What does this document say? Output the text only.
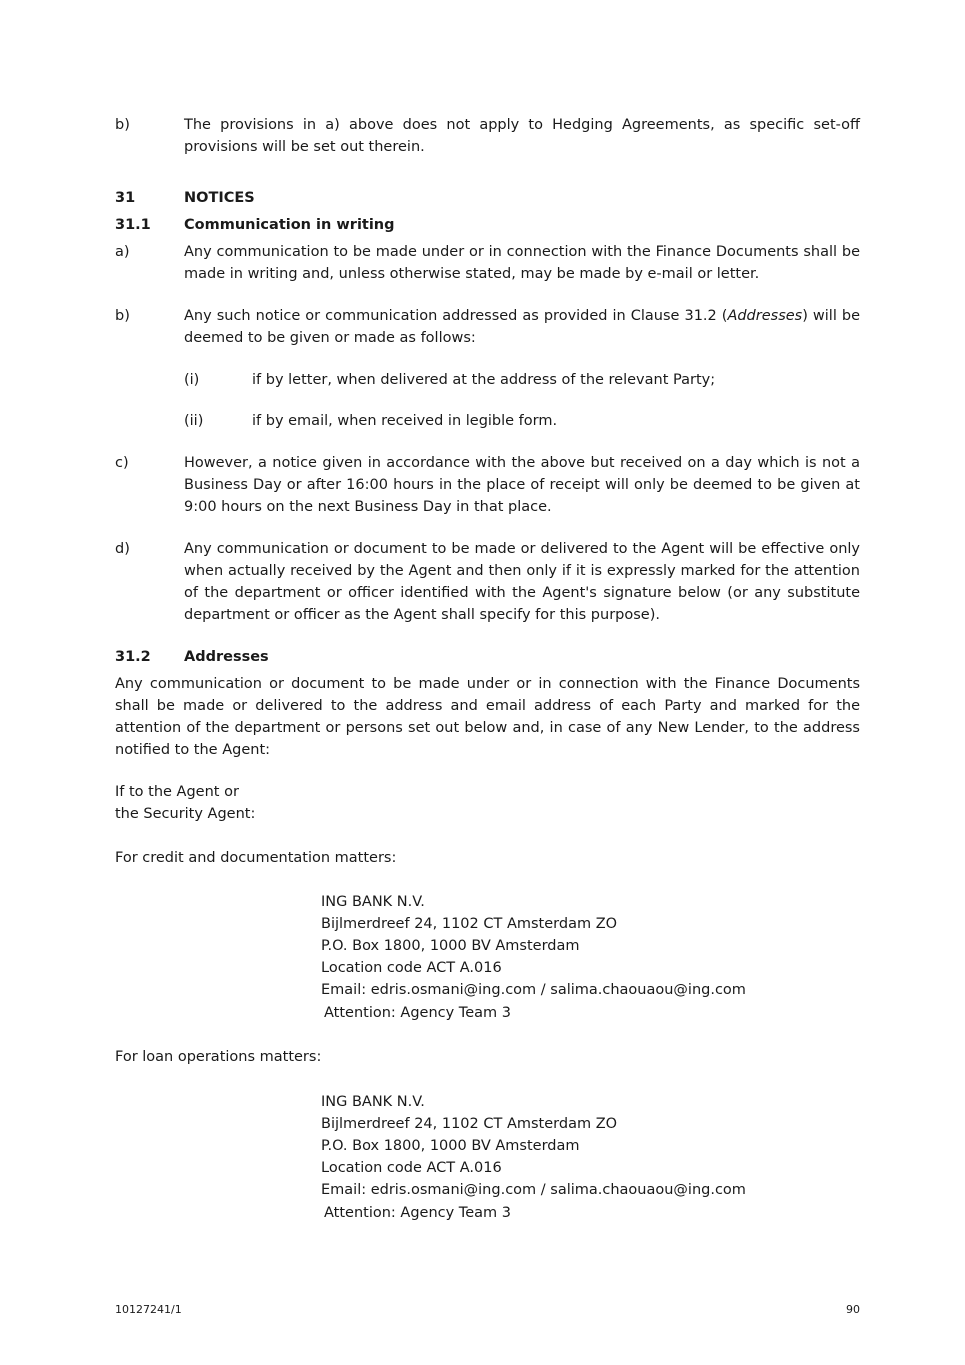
b)	The provisions in a) above does not apply to Hedging Agreements, as specific set-off provisions will be set out therein.
31	NOTICES
31.1 Communication in writing
a)	Any communication to be made under or in connection with the Finance Documents shall be made in writing and, unless otherwise stated, may be made by e-mail or letter.
b)	Any such notice or communication addressed as provided in Clause 31.2 (Addresses) will be deemed to be given or made as follows:
(i)	if by letter, when delivered at the address of the relevant Party;
(ii)	if by email, when received in legible form.
c)	However, a notice given in accordance with the above but received on a day which is not a Business Day or after 16:00 hours in the place of receipt will only be deemed to be given at 9:00 hours on the next Business Day in that place.
d)	Any communication or document to be made or delivered to the Agent will be effective only when actually received by the Agent and then only if it is expressly marked for the attention of the department or officer identified with the Agent's signature below (or any substitute department or officer as the Agent shall specify for this purpose).
31.2 Addresses
Any communication or document to be made under or in connection with the Finance Documents shall be made or delivered to the address and email address of each Party and marked for the attention of the department or persons set out below and, in case of any New Lender, to the address notified to the Agent:
If to the Agent or
the Security Agent:
For credit and documentation matters:
ING BANK N.V.
Bijlmerdreef 24, 1102 CT Amsterdam ZO
P.O. Box 1800, 1000 BV Amsterdam
Location code ACT A.016
Email: edris.osmani@ing.com / salima.chaouaou@ing.com
Attention: Agency Team 3
For loan operations matters:
ING BANK N.V.
Bijlmerdreef 24, 1102 CT Amsterdam ZO
P.O. Box 1800, 1000 BV Amsterdam
Location code ACT A.016
Email: edris.osmani@ing.com / salima.chaouaou@ing.com
Attention: Agency Team 3
10127241/1	90
